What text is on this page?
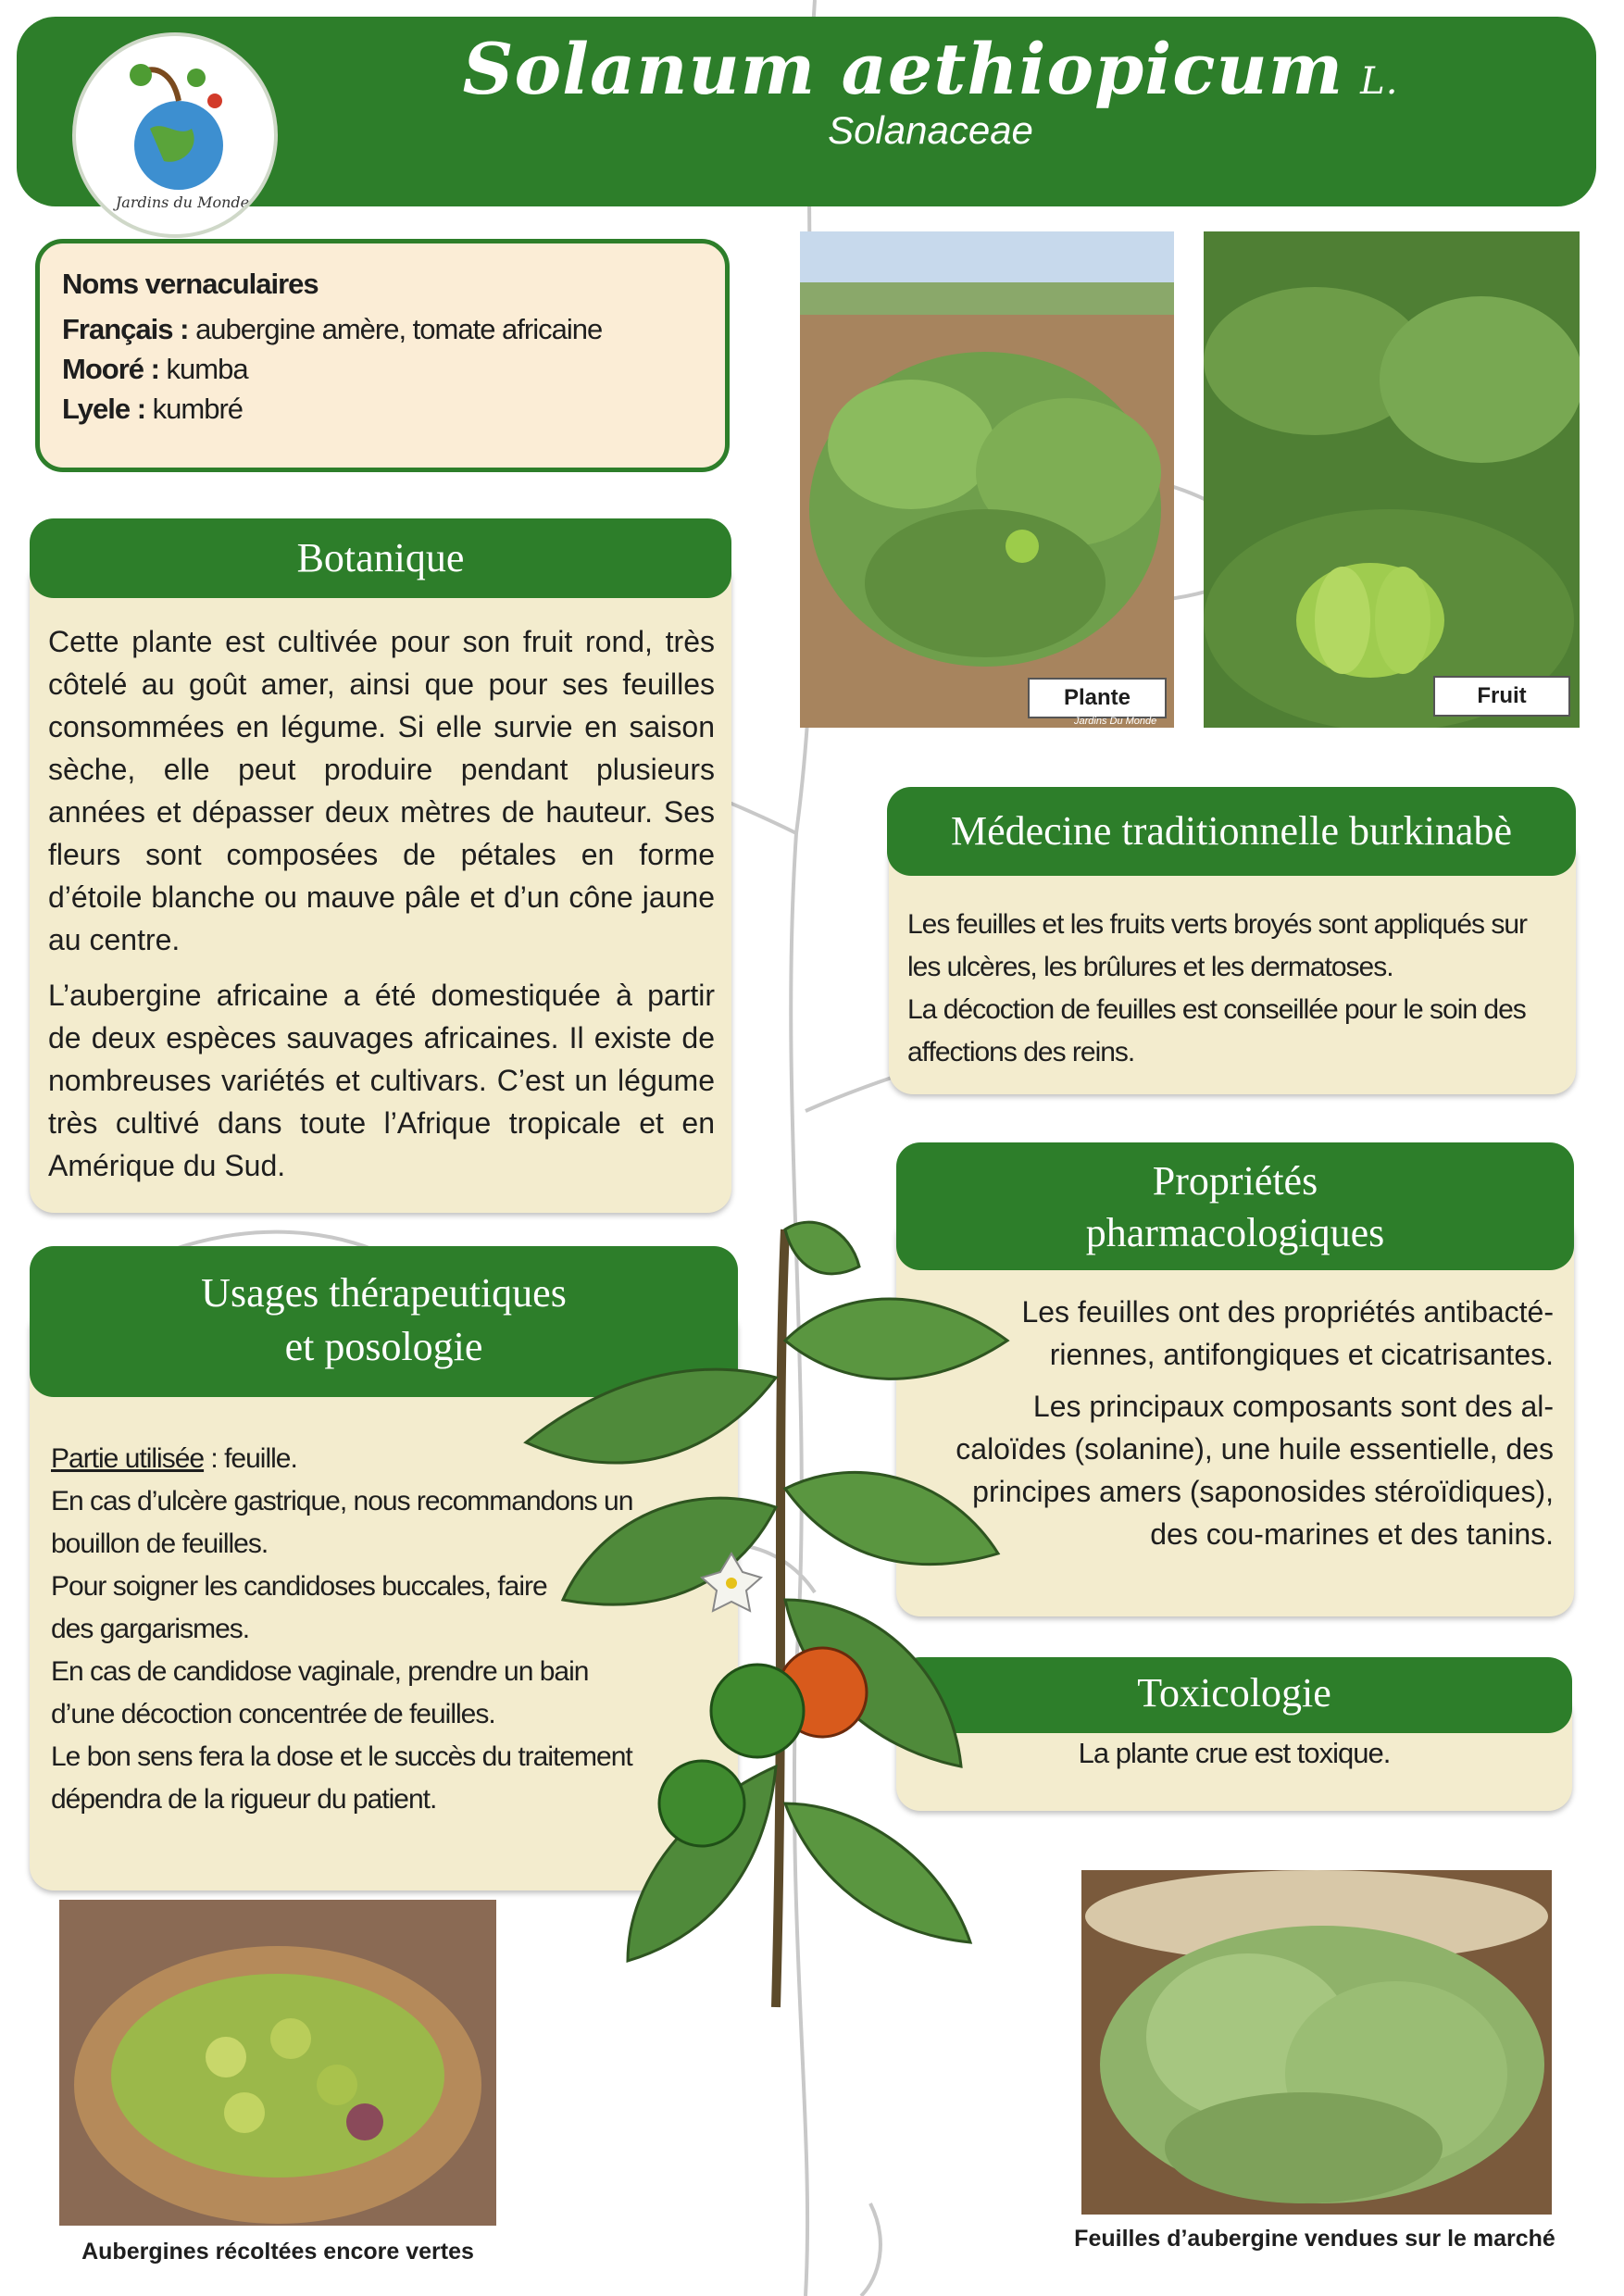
Jardins du Monde
Solanum aethiopicum L.
Solanaceae
Noms vernaculaires
Français : aubergine amère, tomate africaine
Mooré : kumba
Lyele : kumbré
Botanique

Cette plante est cultivée pour son fruit rond, très côtelé au goût amer, ainsi que pour ses feuilles consommées en légume. Si elle survie en saison sèche, elle peut produire pendant plusieurs années et dépasser deux mètres de hauteur. Ses fleurs sont composées de pétales en forme d’étoile blanche ou mauve pâle et d’un cône jaune au centre.

L’aubergine africaine a été domestiquée à partir de deux espèces sauvages africaines. Il existe de nombreuses variétés et cultivars. C’est un légume très cultivé dans toute l’Afrique tropicale et en Amérique du Sud.

Usages thérapeutiques
et posologie
Partie utilisée : feuille.
En cas d’ulcère gastrique, nous recommandons un bouillon de feuilles.
Pour soigner les candidoses buccales, faire des gargarismes.
En cas de candidose vaginale, prendre un bain d’une décoction concentrée de feuilles.
Le bon sens fera la dose et le succès du traitement dépendra de la rigueur du patient.
Médecine traditionnelle burkinabè
Les feuilles et les fruits verts broyés sont appliqués sur les ulcères, les brûlures et les dermatoses.
La décoction de feuilles est conseillée pour le soin des affections des reins.
Propriétés
pharmacologiques

Les feuilles ont des propriétés antibacté-riennes, antifongiques et cicatrisantes.

Les principaux composants sont des al-caloïdes (solanine), une huile essentielle, des principes amers (saponosides stéroïdiques), des cou-marines et des tanins.

Toxicologie
La plante crue est toxique.
Plante
Jardins Du Monde
Fruit
Aubergines récoltées encore vertes	Feuilles d’aubergine vendues sur le marché
